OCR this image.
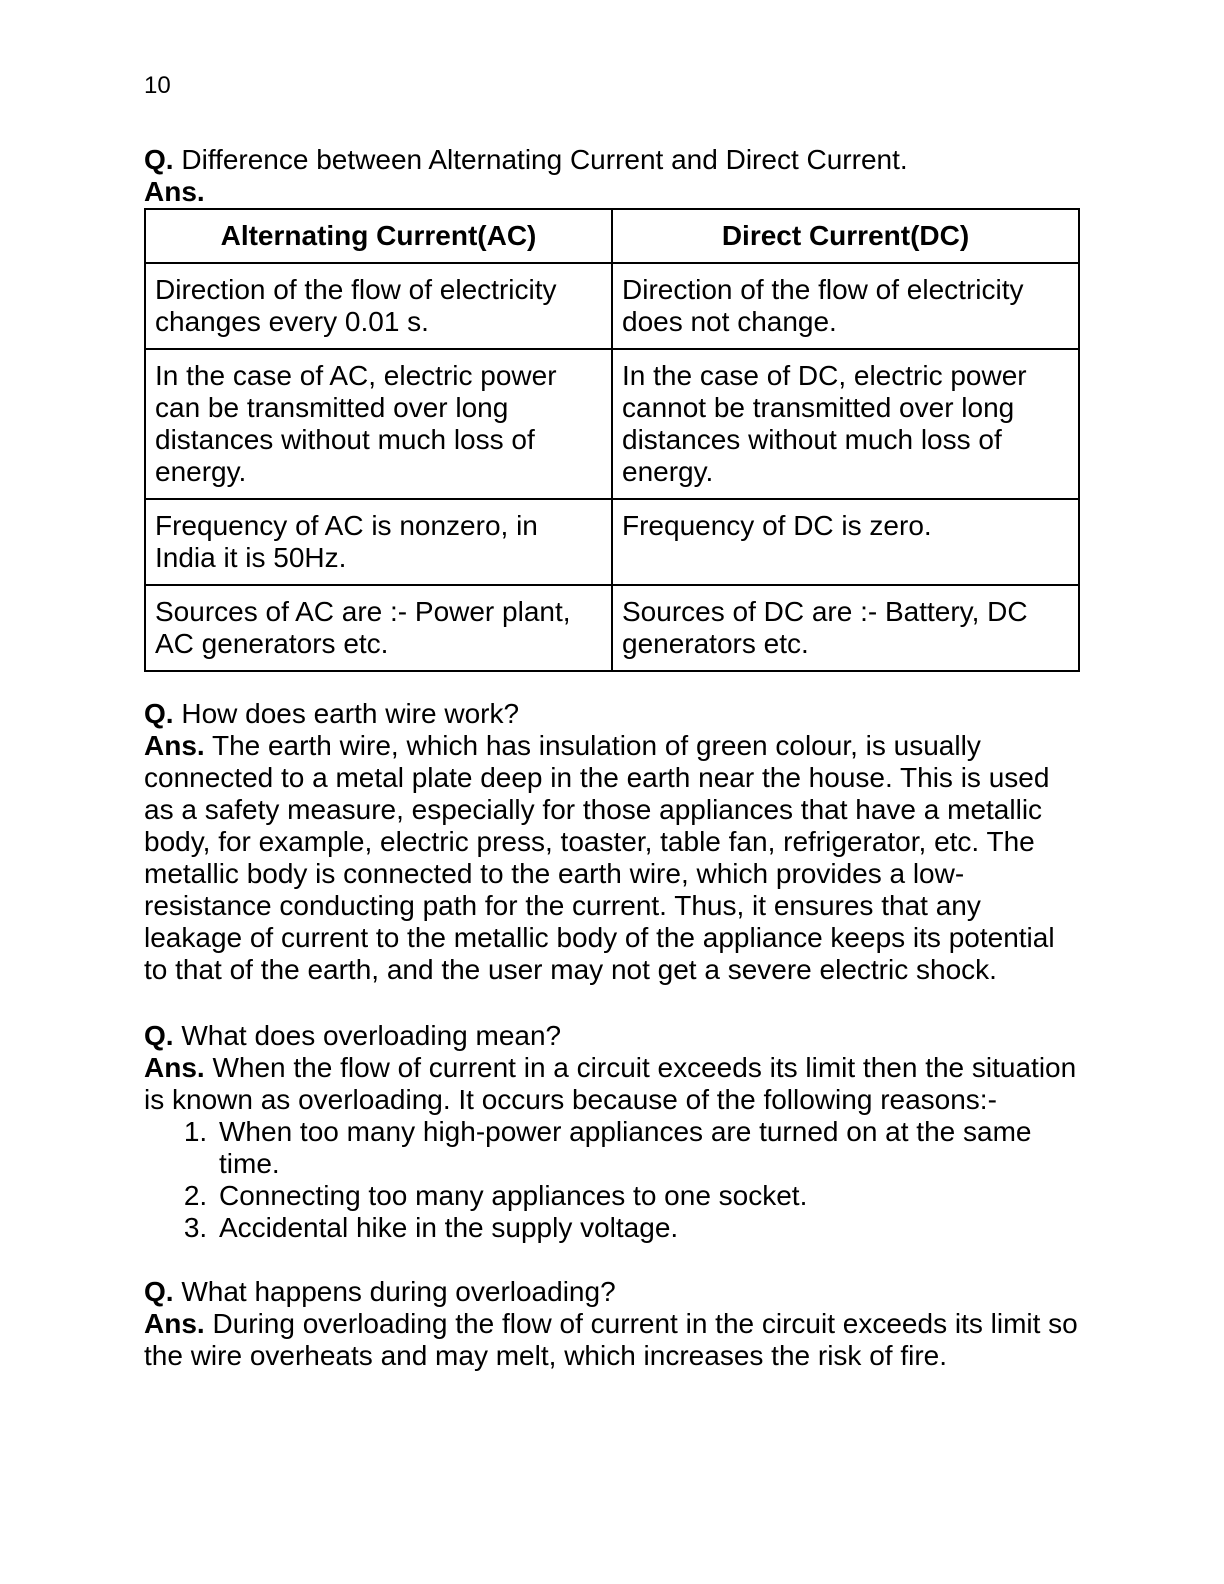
10

Q. Difference between Alternating Current and Direct Current.

Ans.

Alternating Current(AC)	Direct Current(DC)
Direction of the flow of electricity changes every 0.01 s.	Direction of the flow of electricity does not change.
In the case of AC, electric power can be transmitted over long distances without much loss of energy.	In the case of DC, electric power cannot be transmitted over long distances without much loss of energy.
Frequency of AC is nonzero, in India it is 50Hz.	Frequency of DC is zero.
Sources of AC are :- Power plant, AC generators etc.	Sources of DC are :- Battery, DC generators etc.

Q. How does earth wire work?

Ans. The earth wire, which has insulation of green colour, is usually connected to a metal plate deep in the earth near the house. This is used as a safety measure, especially for those appliances that have a metallic body, for example, electric press, toaster, table fan, refrigerator, etc. The metallic body is connected to the earth wire, which provides a low-resistance conducting path for the current. Thus, it ensures that any leakage of current to the metallic body of the appliance keeps its potential to that of the earth, and the user may not get a severe electric shock.

Q. What does overloading mean?

Ans. When the flow of current in a circuit exceeds its limit then the situation is known as overloading. It occurs because of the following reasons:-

1. When too many high-power appliances are turned on at the same time.
2. Connecting too many appliances to one socket.
3. Accidental hike in the supply voltage.

Q. What happens during overloading?

Ans. During overloading the flow of current in the circuit exceeds its limit so the wire overheats and may melt, which increases the risk of fire.
